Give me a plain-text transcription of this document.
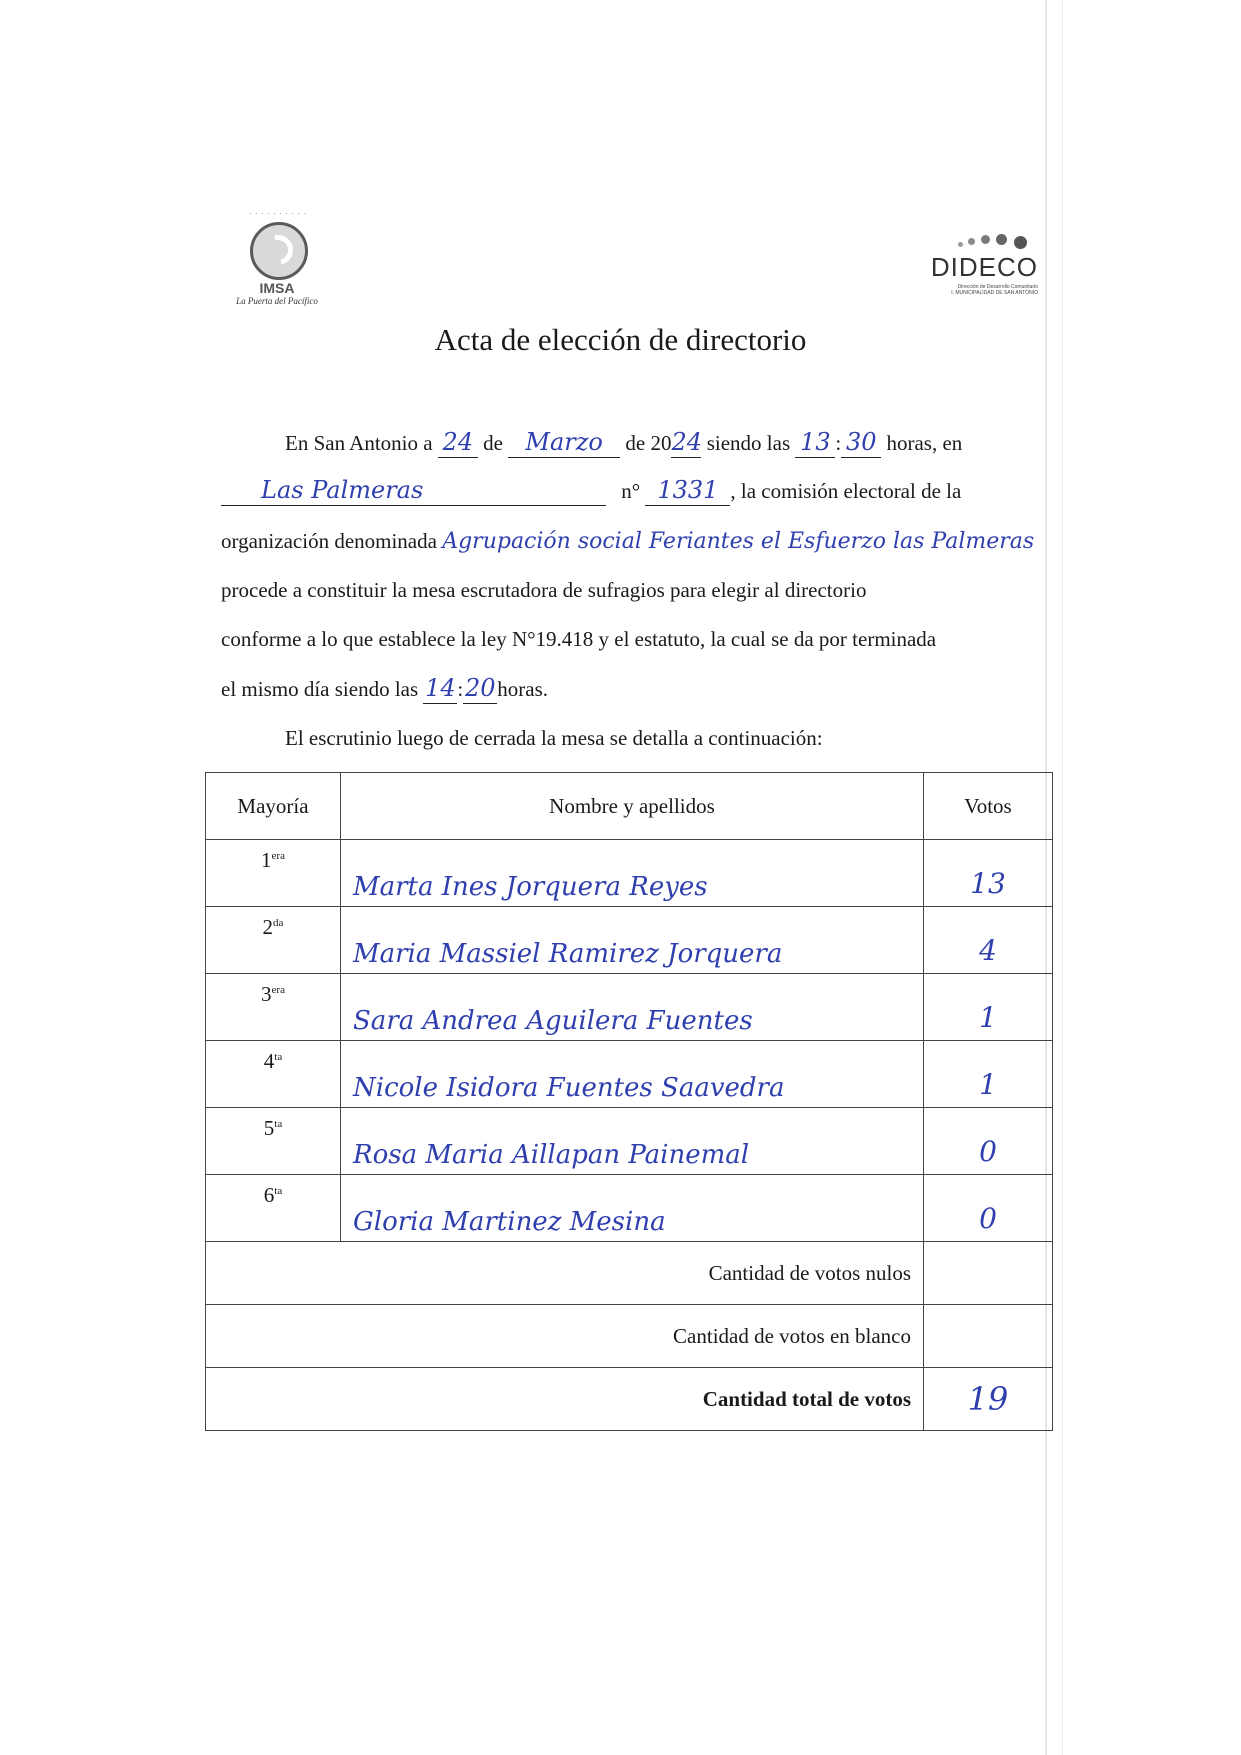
· · · · · · · · · ·
IMSA
La Puerta del Pacífico
DIDECO
Dirección de Desarrollo Comunitario
I. MUNICIPALIDAD DE SAN ANTONIO
Acta de elección de directorio
En San Antonio a 24 de Marzo de 2024 siendo las 13 : 30 horas, en
Las Palmeras	n° 1331 , la comisión electoral de la
organización denominada Agrupación social Feriantes el Esfuerzo las Palmeras
procede a constituir la mesa escrutadora de sufragios para elegir al directorio
conforme a lo que establece la ley N°19.418 y el estatuto, la cual se da por terminada
el mismo día siendo las 14:20horas.
El escrutinio luego de cerrada la mesa se detalla a continuación:
Mayoría	Nombre y apellidos	Votos
$1^{era}$	Marta Ines Jorquera Reyes	13

$2^{da}$	Maria Massiel Ramirez Jorquera	4

$3^{era}$	Sara Andrea Aguilera Fuentes	1

$4^{ta}$	Nicole Isidora Fuentes Saavedra	1

$5^{ta}$	Rosa Maria Aillapan Painemal	0

$6^{ta}$	Gloria Martinez Mesina	0

Cantidad de votos nulos		
Cantidad de votos en blanco		
Cantidad total de votos		19
